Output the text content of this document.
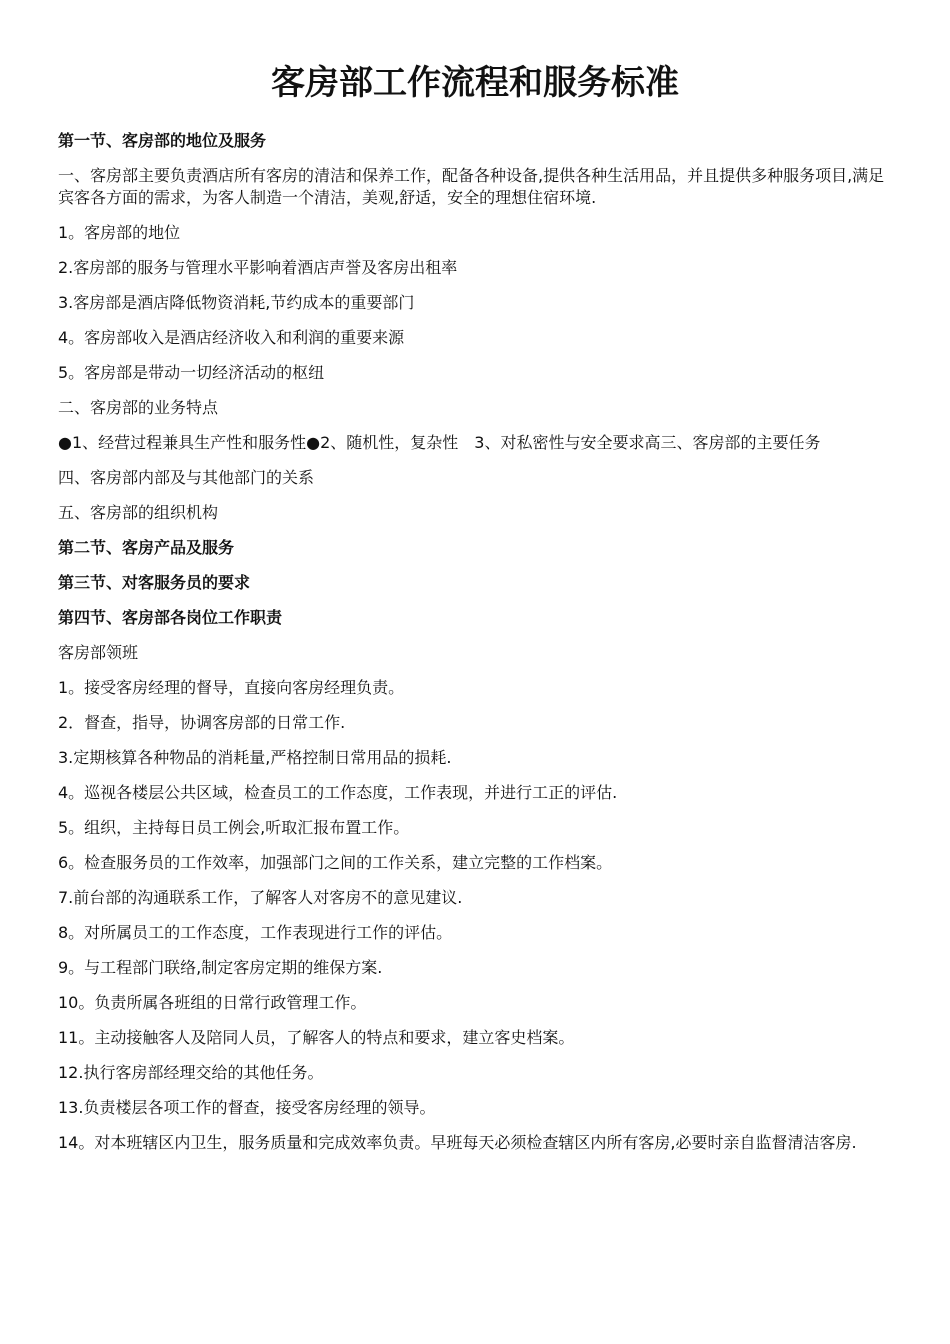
客房部工作流程和服务标准

第一节、客房部的地位及服务

一、客房部主要负责酒店所有客房的清洁和保养工作，配备各种设备,提供各种生活用品，并且提供多种服务项目,满足宾客各方面的需求，为客人制造一个清洁，美观,舒适，安全的理想住宿环境.

1。客房部的地位

2.客房部的服务与管理水平影响着酒店声誉及客房出租率

3.客房部是酒店降低物资消耗,节约成本的重要部门

4。客房部收入是酒店经济收入和利润的重要来源

5。客房部是带动一切经济活动的枢纽

二、客房部的业务特点

●1、经营过程兼具生产性和服务性●2、随机性，复杂性　3、对私密性与安全要求高三、客房部的主要任务

四、客房部内部及与其他部门的关系

五、客房部的组织机构

第二节、客房产品及服务

第三节、对客服务员的要求

第四节、客房部各岗位工作职责

客房部领班

1。接受客房经理的督导，直接向客房经理负责。

2．督查，指导，协调客房部的日常工作.

3.定期核算各种物品的消耗量,严格控制日常用品的损耗.

4。巡视各楼层公共区域，检查员工的工作态度，工作表现，并进行工正的评估.

5。组织，主持每日员工例会,听取汇报布置工作。

6。检查服务员的工作效率，加强部门之间的工作关系，建立完整的工作档案。

7.前台部的沟通联系工作，了解客人对客房不的意见建议.

8。对所属员工的工作态度，工作表现进行工作的评估。

9。与工程部门联络,制定客房定期的维保方案.

10。负责所属各班组的日常行政管理工作。

11。主动接触客人及陪同人员，了解客人的特点和要求，建立客史档案。

12.执行客房部经理交给的其他任务。

13.负责楼层各项工作的督查，接受客房经理的领导。

14。对本班辖区内卫生，服务质量和完成效率负责。早班每天必须检查辖区内所有客房,必要时亲自监督清洁客房.
